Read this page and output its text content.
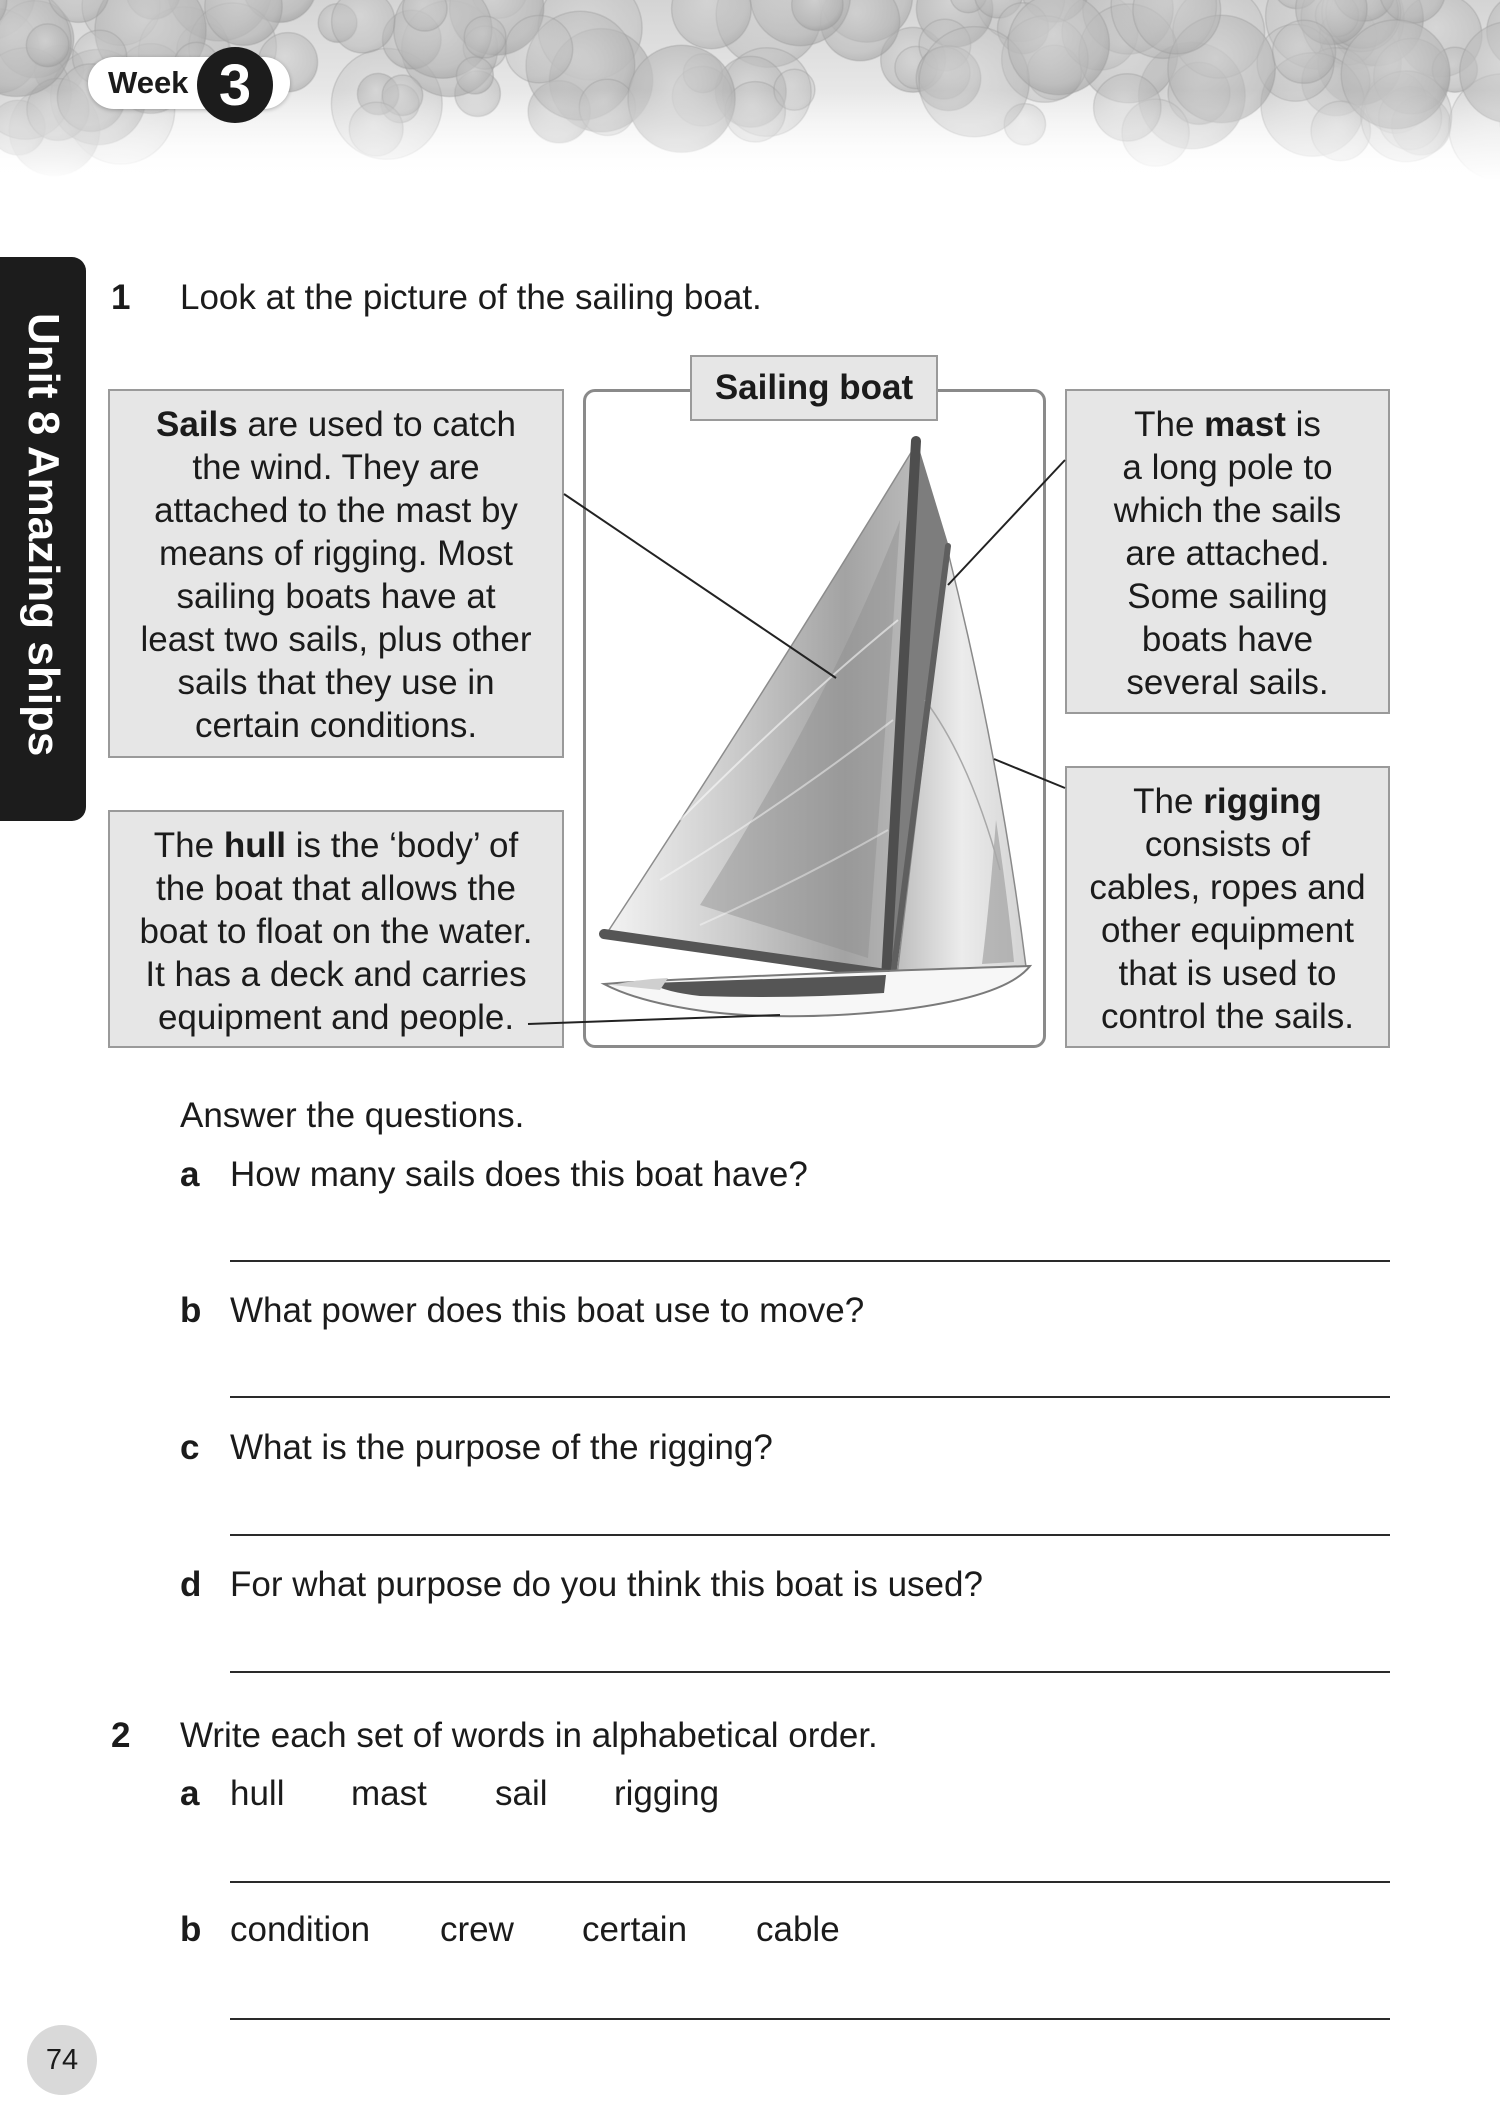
Week 3
Unit 8 Amazing ships
1 Look at the picture of the sailing boat.
Sails are used to catch
the wind. They are
attached to the mast by
means of rigging. Most
sailing boats have at
least two sails, plus other
sails that they use in
certain conditions.
The hull is the ‘body’ of
the boat that allows the
boat to float on the water.
It has a deck and carries
equipment and people.
The mast is
a long pole to
which the sails
are attached.
Some sailing
boats have
several sails.
The rigging
consists of
cables, ropes and
other equipment
that is used to
control the sails.
Sailing boat
Answer the questions.
a How many sails does this boat have?
b What power does this boat use to move?
c What is the purpose of the rigging?
d For what purpose do you think this boat is used?
2 Write each set of words in alphabetical order.
a hull mast sail rigging
b condition crew certain cable
74
